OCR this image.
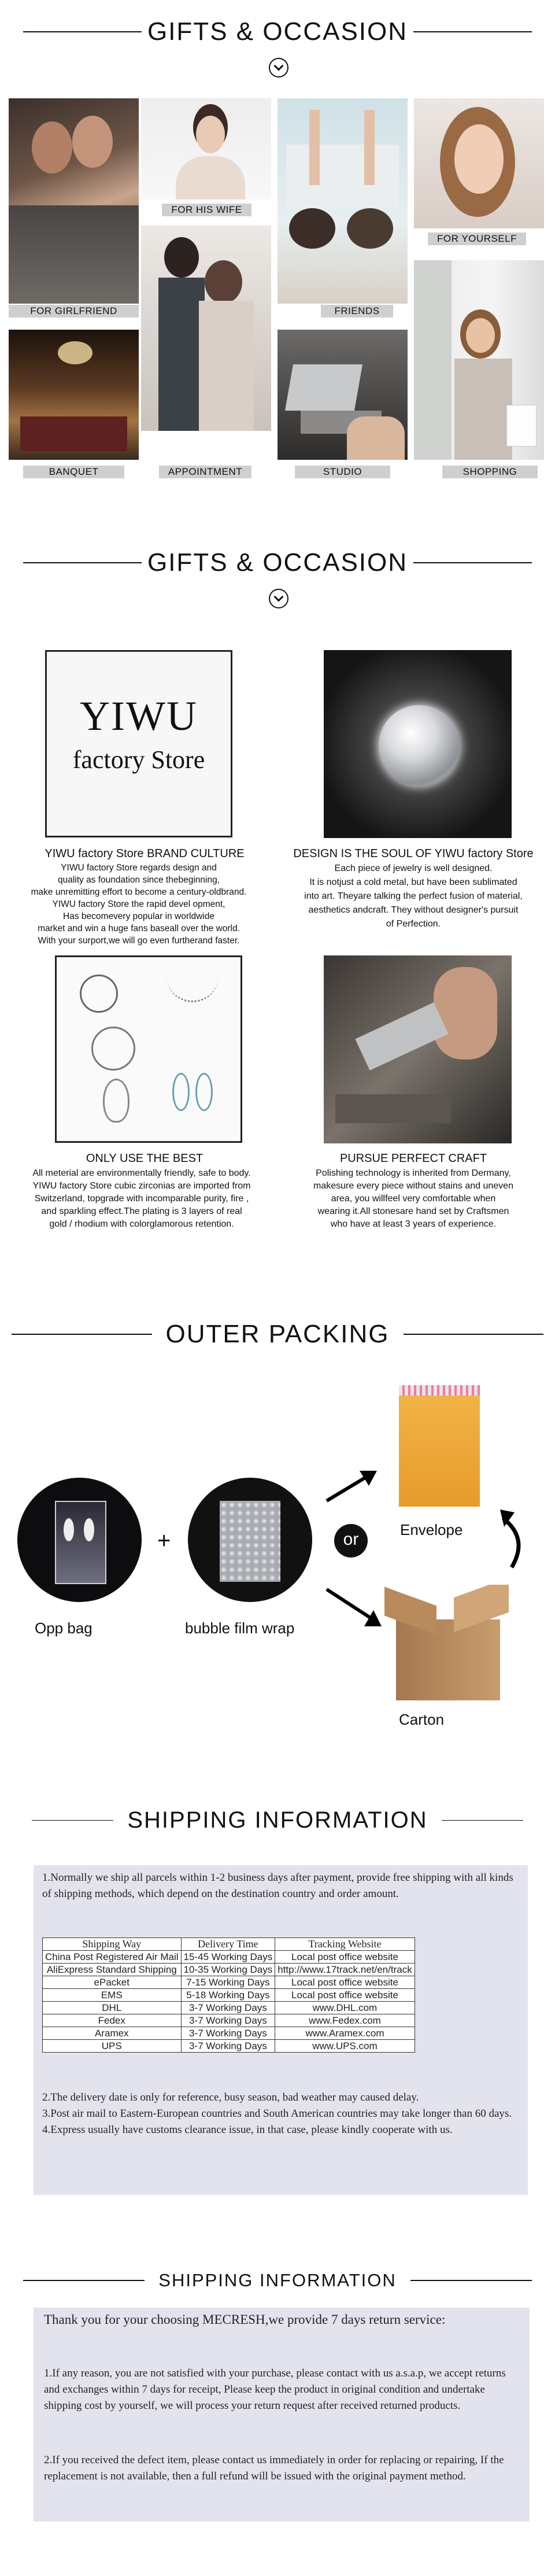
GIFTS & OCCASION
FOR GIRLFRIEND
FOR HIS WIFE
FRIENDS
FOR YOURSELF
APPOINTMENT
BANQUET	STUDIO	SHOPPING
GIFTS & OCCASION
YIWU
factory Store
YIWU factory Store BRAND CULTURE
YIWU factory Store regards design and
quality as foundation since thebeginning,
make unremitting effort to become a century-oldbrand.
YIWU factory Store the rapid devel opment,
Has becomevery popular in worldwide
market and win a huge fans baseall over the world.
With your surport,we will go even furtherand faster.
DESIGN IS THE SOUL OF YIWU factory Store
Each piece of jewelry is well designed.
It is notjust a cold metal, but have been sublimated
into art. Theyare talking the perfect fusion of material,
aesthetics andcraft. They without designer's pursuit
of Perfection.
ONLY USE THE BEST
All meterial are environmentally friendly, safe to body.
YIWU factory Store cubic zirconias are imported from
Switzerland, topgrade with incomparable purity, fire ,
and sparkling effect.The plating is 3 layers of real
gold / rhodium with colorglamorous retention.
PURSUE PERFECT CRAFT
Polishing technology is inherited from Dermany,
makesure every piece without stains and uneven
area, you willfeel very comfortable when
wearing it.All stonesare hand set by Craftsmen
who have at least 3 years of experience.
OUTER PACKING
+
Opp bag	bubble film wrap
or	Envelope
Carton
SHIPPING INFORMATION
1.Normally we ship all parcels within 1-2 business days after payment, provide free shipping with all kinds of shipping methods, which depend on the destination country and order amount.
Shipping Way	Delivery Time	Tracking Website
China Post Registered Air Mail	15-45 Working Days	Local post office website
AliExpress Standard Shipping	10-35 Working Days	http://www.17track.net/en/track
ePacket	7-15 Working Days	Local post office website
EMS	5-18 Working Days	Local post office website
DHL	3-7 Working Days	www.DHL.com
Fedex	3-7 Working Days	www.Fedex.com
Aramex	3-7 Working Days	www.Aramex.com
UPS	3-7 Working Days	www.UPS.com
2.The delivery date is only for reference, busy season, bad weather may caused delay.
3.Post air mail to Eastern-European countries and South American countries may take longer than 60 days.
4.Express usually have customs clearance issue, in that case, please kindly cooperate with us.
SHIPPING INFORMATION
Thank you for your choosing MECRESH,we provide 7 days return service:
1.If any reason, you are not satisfied with your purchase, please contact with us a.s.a.p, we accept returns and exchanges within 7 days for receipt, Please keep the product in original condition and undertake shipping cost by yourself, we will process your return request after received returned products.
2.If you received the defect item, please contact us immediately in order for replacing or repairing, If the replacement is not available, then a full refund will be issued with the original payment method.
